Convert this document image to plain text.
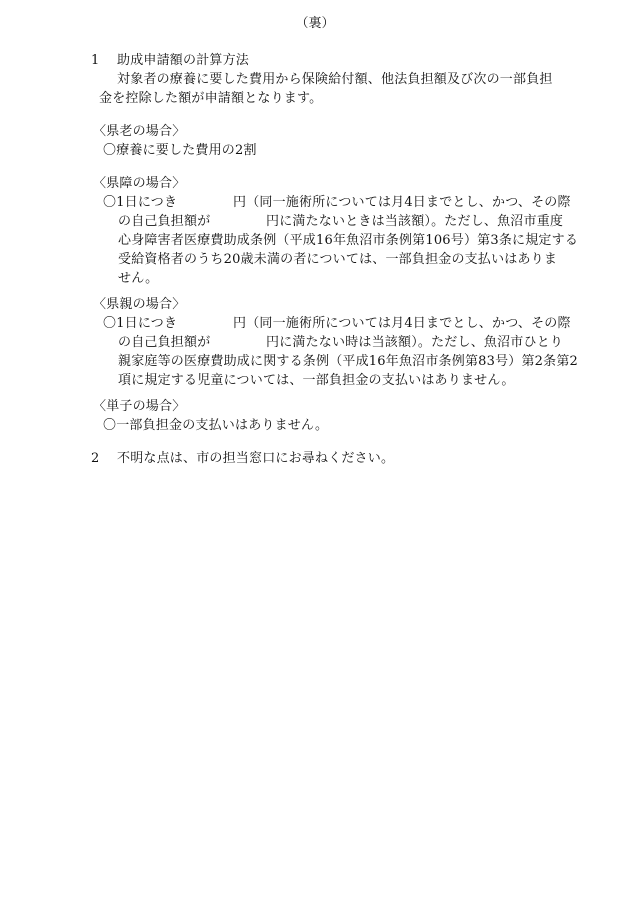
（裏）
1 助成申請額の計算方法
対象者の療養に要した費用から保険給付額、他法負担額及び次の一部負担
金を控除した額が申請額となります。
〈県老の場合〉
〇療養に要した費用の2割
〈県障の場合〉
〇1日につき	円（同一施術所については月4日までとし、かつ、その際
の自己負担額が	円に満たないときは当該額）。ただし、魚沼市重度
心身障害者医療費助成条例（平成16年魚沼市条例第106号）第3条に規定する
受給資格者のうち20歳未満の者については、一部負担金の支払いはありま
せん。
〈県親の場合〉
〇1日につき	円（同一施術所については月4日までとし、かつ、その際
の自己負担額が	円に満たない時は当該額）。ただし、魚沼市ひとり
親家庭等の医療費助成に関する条例（平成16年魚沼市条例第83号）第2条第2
項に規定する児童については、一部負担金の支払いはありません。
〈単子の場合〉
〇一部負担金の支払いはありません。
2 不明な点は、市の担当窓口にお尋ねください。
